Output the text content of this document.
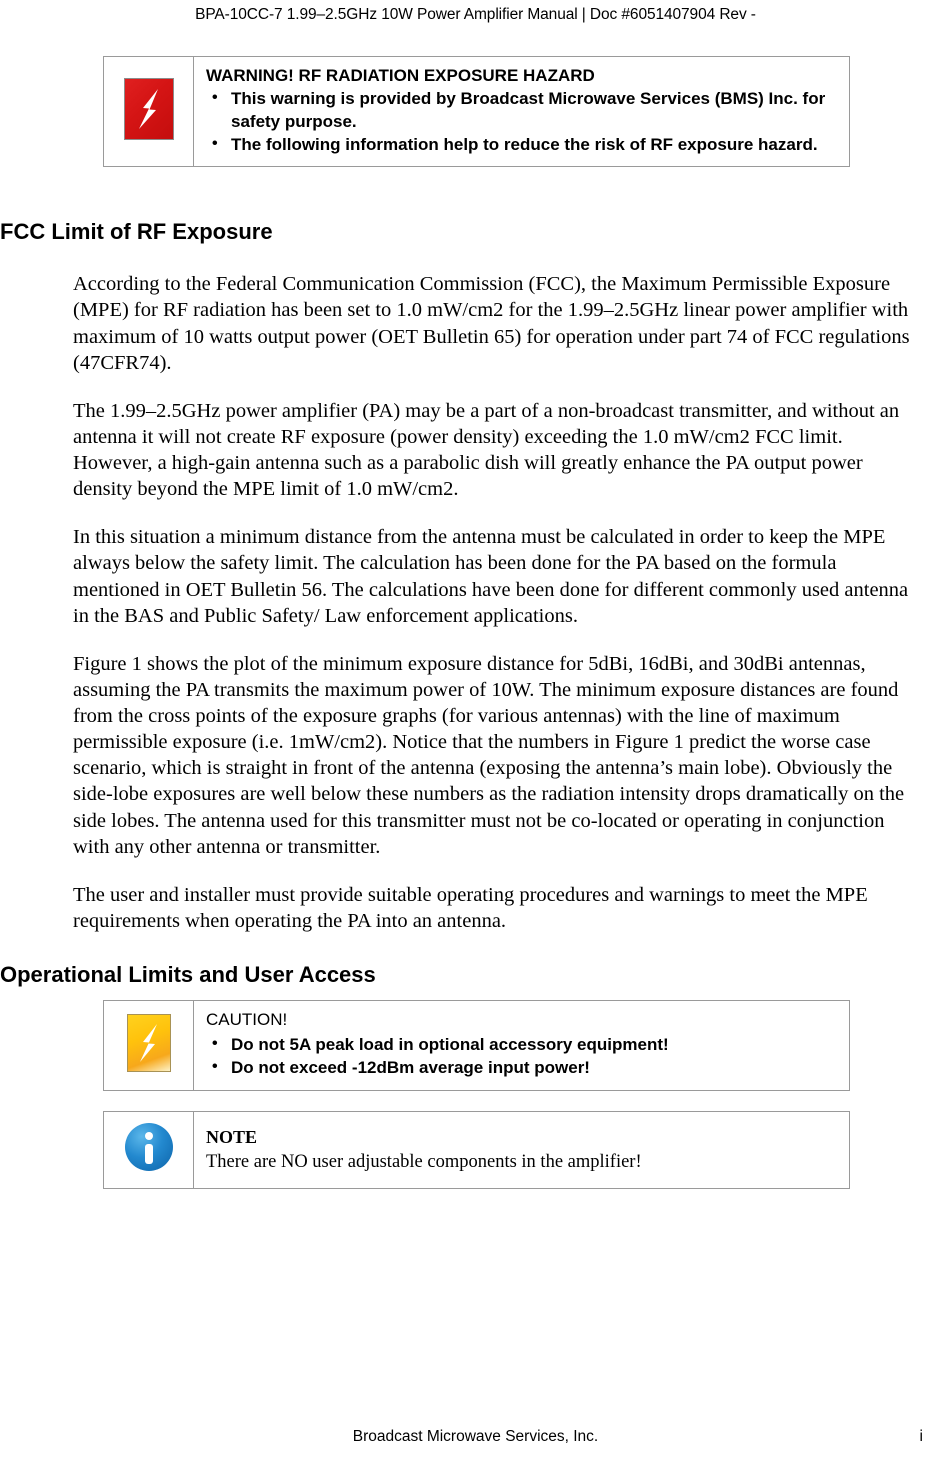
BPA-10CC-7 1.99–2.5GHz 10W Power Amplifier Manual | Doc #6051407904 Rev -

WARNING! RF RADIATION EXPOSURE HAZARD

• This warning is provided by Broadcast Microwave Services (BMS) Inc. for safety purpose.
• The following information help to reduce the risk of RF exposure hazard.
FCC Limit of RF Exposure

According to the Federal Communication Commission (FCC), the Maximum Permissible Exposure (MPE) for RF radiation has been set to 1.0 mW/cm2 for the 1.99–2.5GHz linear power amplifier with maximum of 10 watts output power (OET Bulletin 65) for operation under part 74 of FCC regulations (47CFR74).

The 1.99–2.5GHz power amplifier (PA) may be a part of a non-broadcast transmitter, and without an antenna it will not create RF exposure (power density) exceeding the 1.0 mW/cm2 FCC limit. However, a high-gain antenna such as a parabolic dish will greatly enhance the PA output power density beyond the MPE limit of 1.0 mW/cm2.

In this situation a minimum distance from the antenna must be calculated in order to keep the MPE always below the safety limit. The calculation has been done for the PA based on the formula mentioned in OET Bulletin 56. The calculations have been done for different commonly used antenna in the BAS and Public Safety/ Law enforcement applications.

Figure 1 shows the plot of the minimum exposure distance for 5dBi, 16dBi, and 30dBi antennas, assuming the PA transmits the maximum power of 10W. The minimum exposure distances are found from the cross points of the exposure graphs (for various antennas) with the line of maximum permissible exposure (i.e. 1mW/cm2). Notice that the numbers in Figure 1 predict the worse case scenario, which is straight in front of the antenna (exposing the antenna’s main lobe). Obviously the side-lobe exposures are well below these numbers as the radiation intensity drops dramatically on the side lobes. The antenna used for this transmitter must not be co-located or operating in conjunction with any other antenna or transmitter.

The user and installer must provide suitable operating procedures and warnings to meet the MPE requirements when operating the PA into an antenna.

Operational Limits and User Access

CAUTION!

• Do not 5A peak load in optional accessory equipment!
• Do not exceed -12dBm average input power!

NOTE

There are NO user adjustable components in the amplifier!

Broadcast Microwave Services, Inc.	i
